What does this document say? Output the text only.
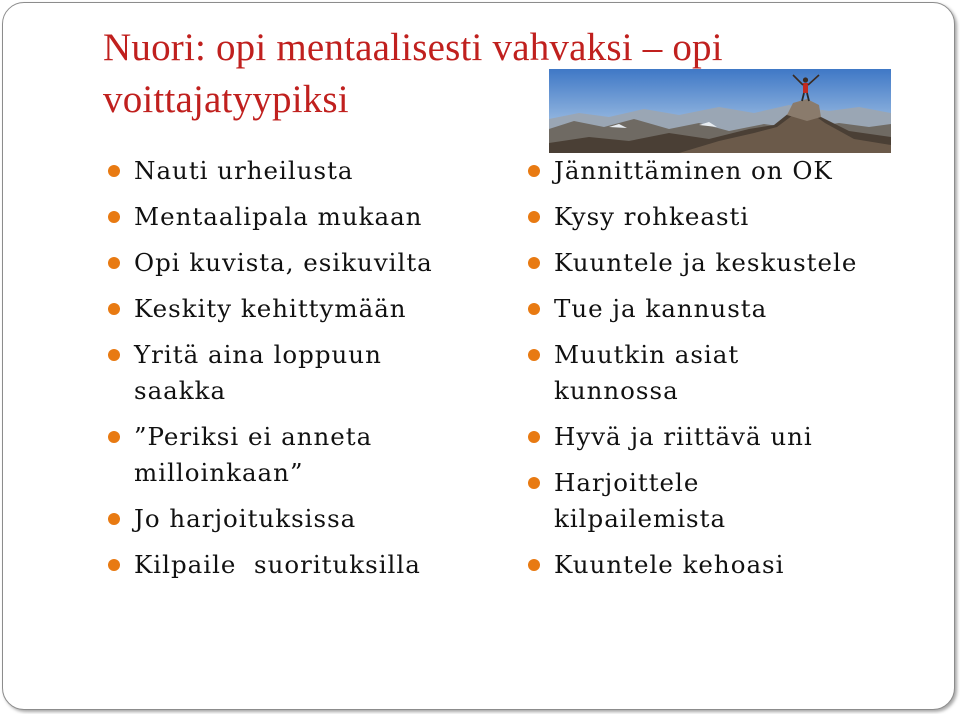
Nuori: opi mentaalisesti vahvaksi – opi voittajatyypiksi
Nauti urheilusta
Mentaalipala mukaan
Opi kuvista, esikuvilta
Keskity kehittymään
Yritä aina loppuun saakka
”Periksi ei anneta milloinkaan”
Jo harjoituksissa
Kilpaile  suorituksilla
Jännittäminen on OK
Kysy rohkeasti
Kuuntele ja keskustele
Tue ja kannusta
Muutkin asiat kunnossa
Hyvä ja riittävä uni
Harjoittele kilpailemista
Kuuntele kehoasi
